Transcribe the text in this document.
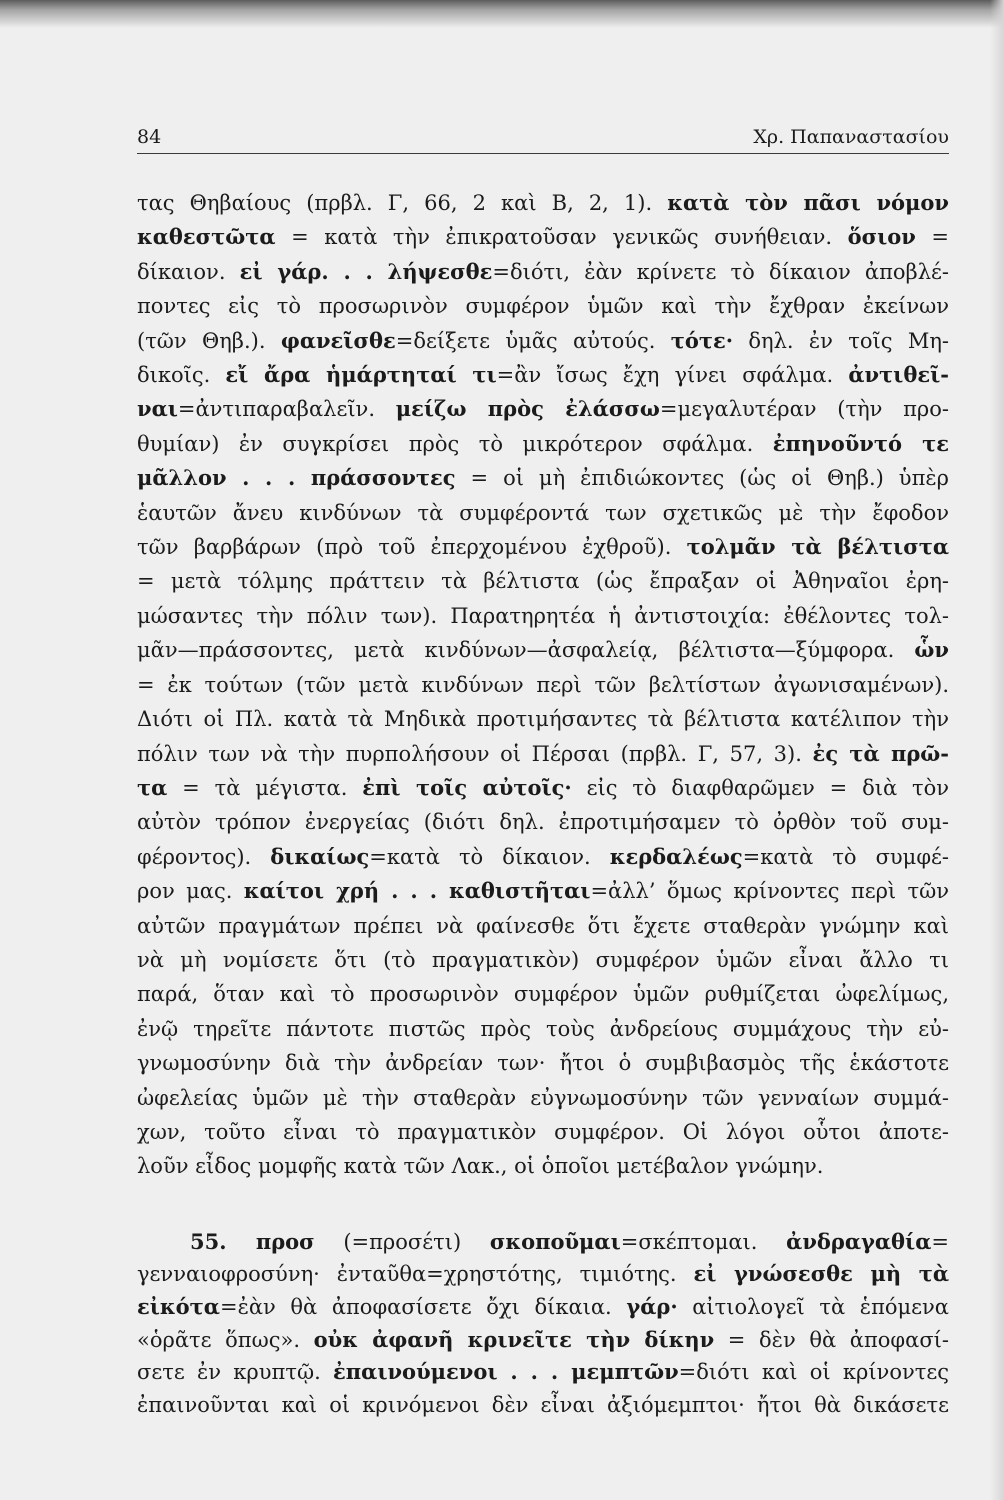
84	Χρ. Παπαναστασίου
τας Θηβαίους (πρβλ. Γ, 66, 2 καὶ Β, 2, 1). κατὰ τὸν πᾶσι νόμον
καθεστῶτα = κατὰ τὴν ἐπικρατοῦσαν γενικῶς συνήθειαν. ὅσιον =
δίκαιον. εἰ γάρ. . . λήψεσθε=διότι, ἐὰν κρίνετε τὸ δίκαιον ἀποβλέ-
ποντες εἰς τὸ προσωρινὸν συμφέρον ὑμῶν καὶ τὴν ἔχθραν ἐκείνων
(τῶν Θηβ.). φανεῖσθε=δείξετε ὑμᾶς αὐτούς. τότε· δηλ. ἐν τοῖς Μη-
δικοῖς. εἴ ἄρα ἡμάρτηταί τι=ἂν ἴσως ἔχη γίνει σφάλμα. ἀντιθεῖ-
ναι=ἀντιπαραβαλεῖν. μείζω πρὸς ἐλάσσω=μεγαλυτέραν (τὴν προ-
θυμίαν) ἐν συγκρίσει πρὸς τὸ μικρότερον σφάλμα. ἐπηνοῦντό τε
μᾶλλον . . . πράσσοντες = οἱ μὴ ἐπιδιώκοντες (ὡς οἱ Θηβ.) ὑπὲρ
ἑαυτῶν ἄνευ κινδύνων τὰ συμφέροντά των σχετικῶς μὲ τὴν ἔφοδον
τῶν βαρβάρων (πρὸ τοῦ ἐπερχομένου ἐχθροῦ). τολμᾶν τὰ βέλτιστα
= μετὰ τόλμης πράττειν τὰ βέλτιστα (ὡς ἔπραξαν οἱ Ἀθηναῖοι ἐρη-
μώσαντες τὴν πόλιν των). Παρατηρητέα ἡ ἀντιστοιχία: ἐθέλοντες τολ-
μᾶν—πράσσοντες, μετὰ κινδύνων—ἀσφαλείᾳ, βέλτιστα—ξύμφορα. ὧν
= ἐκ τούτων (τῶν μετὰ κινδύνων περὶ τῶν βελτίστων ἀγωνισαμένων).
Διότι οἱ Πλ. κατὰ τὰ Μηδικὰ προτιμήσαντες τὰ βέλτιστα κατέλιπον τὴν
πόλιν των νὰ τὴν πυρπολήσουν οἱ Πέρσαι (πρβλ. Γ, 57, 3). ἐς τὰ πρῶ-
τα = τὰ μέγιστα. ἐπὶ τοῖς αὐτοῖς· εἰς τὸ διαφθαρῶμεν = διὰ τὸν
αὐτὸν τρόπον ἐνεργείας (διότι δηλ. ἐπροτιμήσαμεν τὸ ὀρθὸν τοῦ συμ-
φέροντος). δικαίως=κατὰ τὸ δίκαιον. κερδαλέως=κατὰ τὸ συμφέ-
ρον μας. καίτοι χρή . . . καθιστῆται=ἀλλ’ ὅμως κρίνοντες περὶ τῶν
αὐτῶν πραγμάτων πρέπει νὰ φαίνεσθε ὅτι ἔχετε σταθερὰν γνώμην καὶ
νὰ μὴ νομίσετε ὅτι (τὸ πραγματικὸν) συμφέρον ὑμῶν εἶναι ἄλλο τι
παρά, ὅταν καὶ τὸ προσωρινὸν συμφέρον ὑμῶν ρυθμίζεται ὠφελίμως,
ἐνῷ τηρεῖτε πάντοτε πιστῶς πρὸς τοὺς ἀνδρείους συμμάχους τὴν εὐ-
γνωμοσύνην διὰ τὴν ἀνδρείαν των· ἤτοι ὁ συμβιβασμὸς τῆς ἑκάστοτε
ὠφελείας ὑμῶν μὲ τὴν σταθερὰν εὐγνωμοσύνην τῶν γενναίων συμμά-
χων, τοῦτο εἶναι τὸ πραγματικὸν συμφέρον. Οἱ λόγοι οὗτοι ἀποτε-
λοῦν εἶδος μομφῆς κατὰ τῶν Λακ., οἱ ὁποῖοι μετέβαλον γνώμην.
55. προσ (=προσέτι) σκοποῦμαι=σκέπτομαι. ἀνδραγαθία=
γενναιοφροσύνη· ἐνταῦθα=χρηστότης, τιμιότης. εἰ γνώσεσθε μὴ τὰ
εἰκότα=ἐὰν θὰ ἀποφασίσετε ὄχι δίκαια. γάρ· αἰτιολογεῖ τὰ ἑπόμενα
«ὁρᾶτε ὅπως». οὐκ ἀφανῆ κρινεῖτε τὴν δίκην = δὲν θὰ ἀποφασί-
σετε ἐν κρυπτῷ. ἐπαινούμενοι . . . μεμπτῶν=διότι καὶ οἱ κρίνοντες
ἐπαινοῦνται καὶ οἱ κρινόμενοι δὲν εἶναι ἀξιόμεμπτοι· ἤτοι θὰ δικάσετε
